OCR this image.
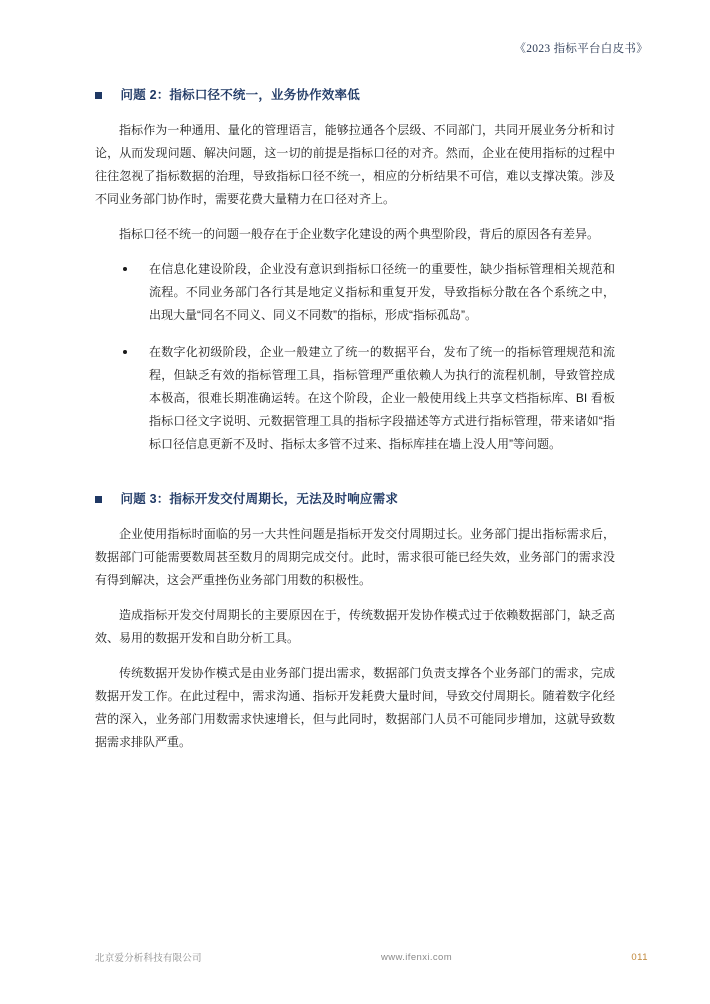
《2023 指标平台白皮书》
问题 2：指标口径不统一，业务协作效率低

指标作为一种通用、量化的管理语言，能够拉通各个层级、不同部门，共同开展业务分析和讨论，从而发现问题、解决问题，这一切的前提是指标口径的对齐。然而，企业在使用指标的过程中往往忽视了指标数据的治理，导致指标口径不统一，相应的分析结果不可信，难以支撑决策。涉及不同业务部门协作时，需要花费大量精力在口径对齐上。

指标口径不统一的问题一般存在于企业数字化建设的两个典型阶段，背后的原因各有差异。

在信息化建设阶段，企业没有意识到指标口径统一的重要性，缺少指标管理相关规范和流程。不同业务部门各行其是地定义指标和重复开发，导致指标分散在各个系统之中，出现大量“同名不同义、同义不同数”的指标，形成“指标孤岛”。
在数字化初级阶段，企业一般建立了统一的数据平台，发布了统一的指标管理规范和流程，但缺乏有效的指标管理工具，指标管理严重依赖人为执行的流程机制，导致管控成本极高，很难长期准确运转。在这个阶段，企业一般使用线上共享文档指标库、BI 看板指标口径文字说明、元数据管理工具的指标字段描述等方式进行指标管理，带来诸如“指标口径信息更新不及时、指标太多管不过来、指标库挂在墙上没人用”等问题。
问题 3：指标开发交付周期长，无法及时响应需求

企业使用指标时面临的另一大共性问题是指标开发交付周期过长。业务部门提出指标需求后，数据部门可能需要数周甚至数月的周期完成交付。此时，需求很可能已经失效，业务部门的需求没有得到解决，这会严重挫伤业务部门用数的积极性。

造成指标开发交付周期长的主要原因在于，传统数据开发协作模式过于依赖数据部门，缺乏高效、易用的数据开发和自助分析工具。

传统数据开发协作模式是由业务部门提出需求，数据部门负责支撑各个业务部门的需求，完成数据开发工作。在此过程中，需求沟通、指标开发耗费大量时间，导致交付周期长。随着数字化经营的深入，业务部门用数需求快速增长，但与此同时，数据部门人员不可能同步增加，这就导致数据需求排队严重。

北京爱分析科技有限公司	www.ifenxi.com	011
